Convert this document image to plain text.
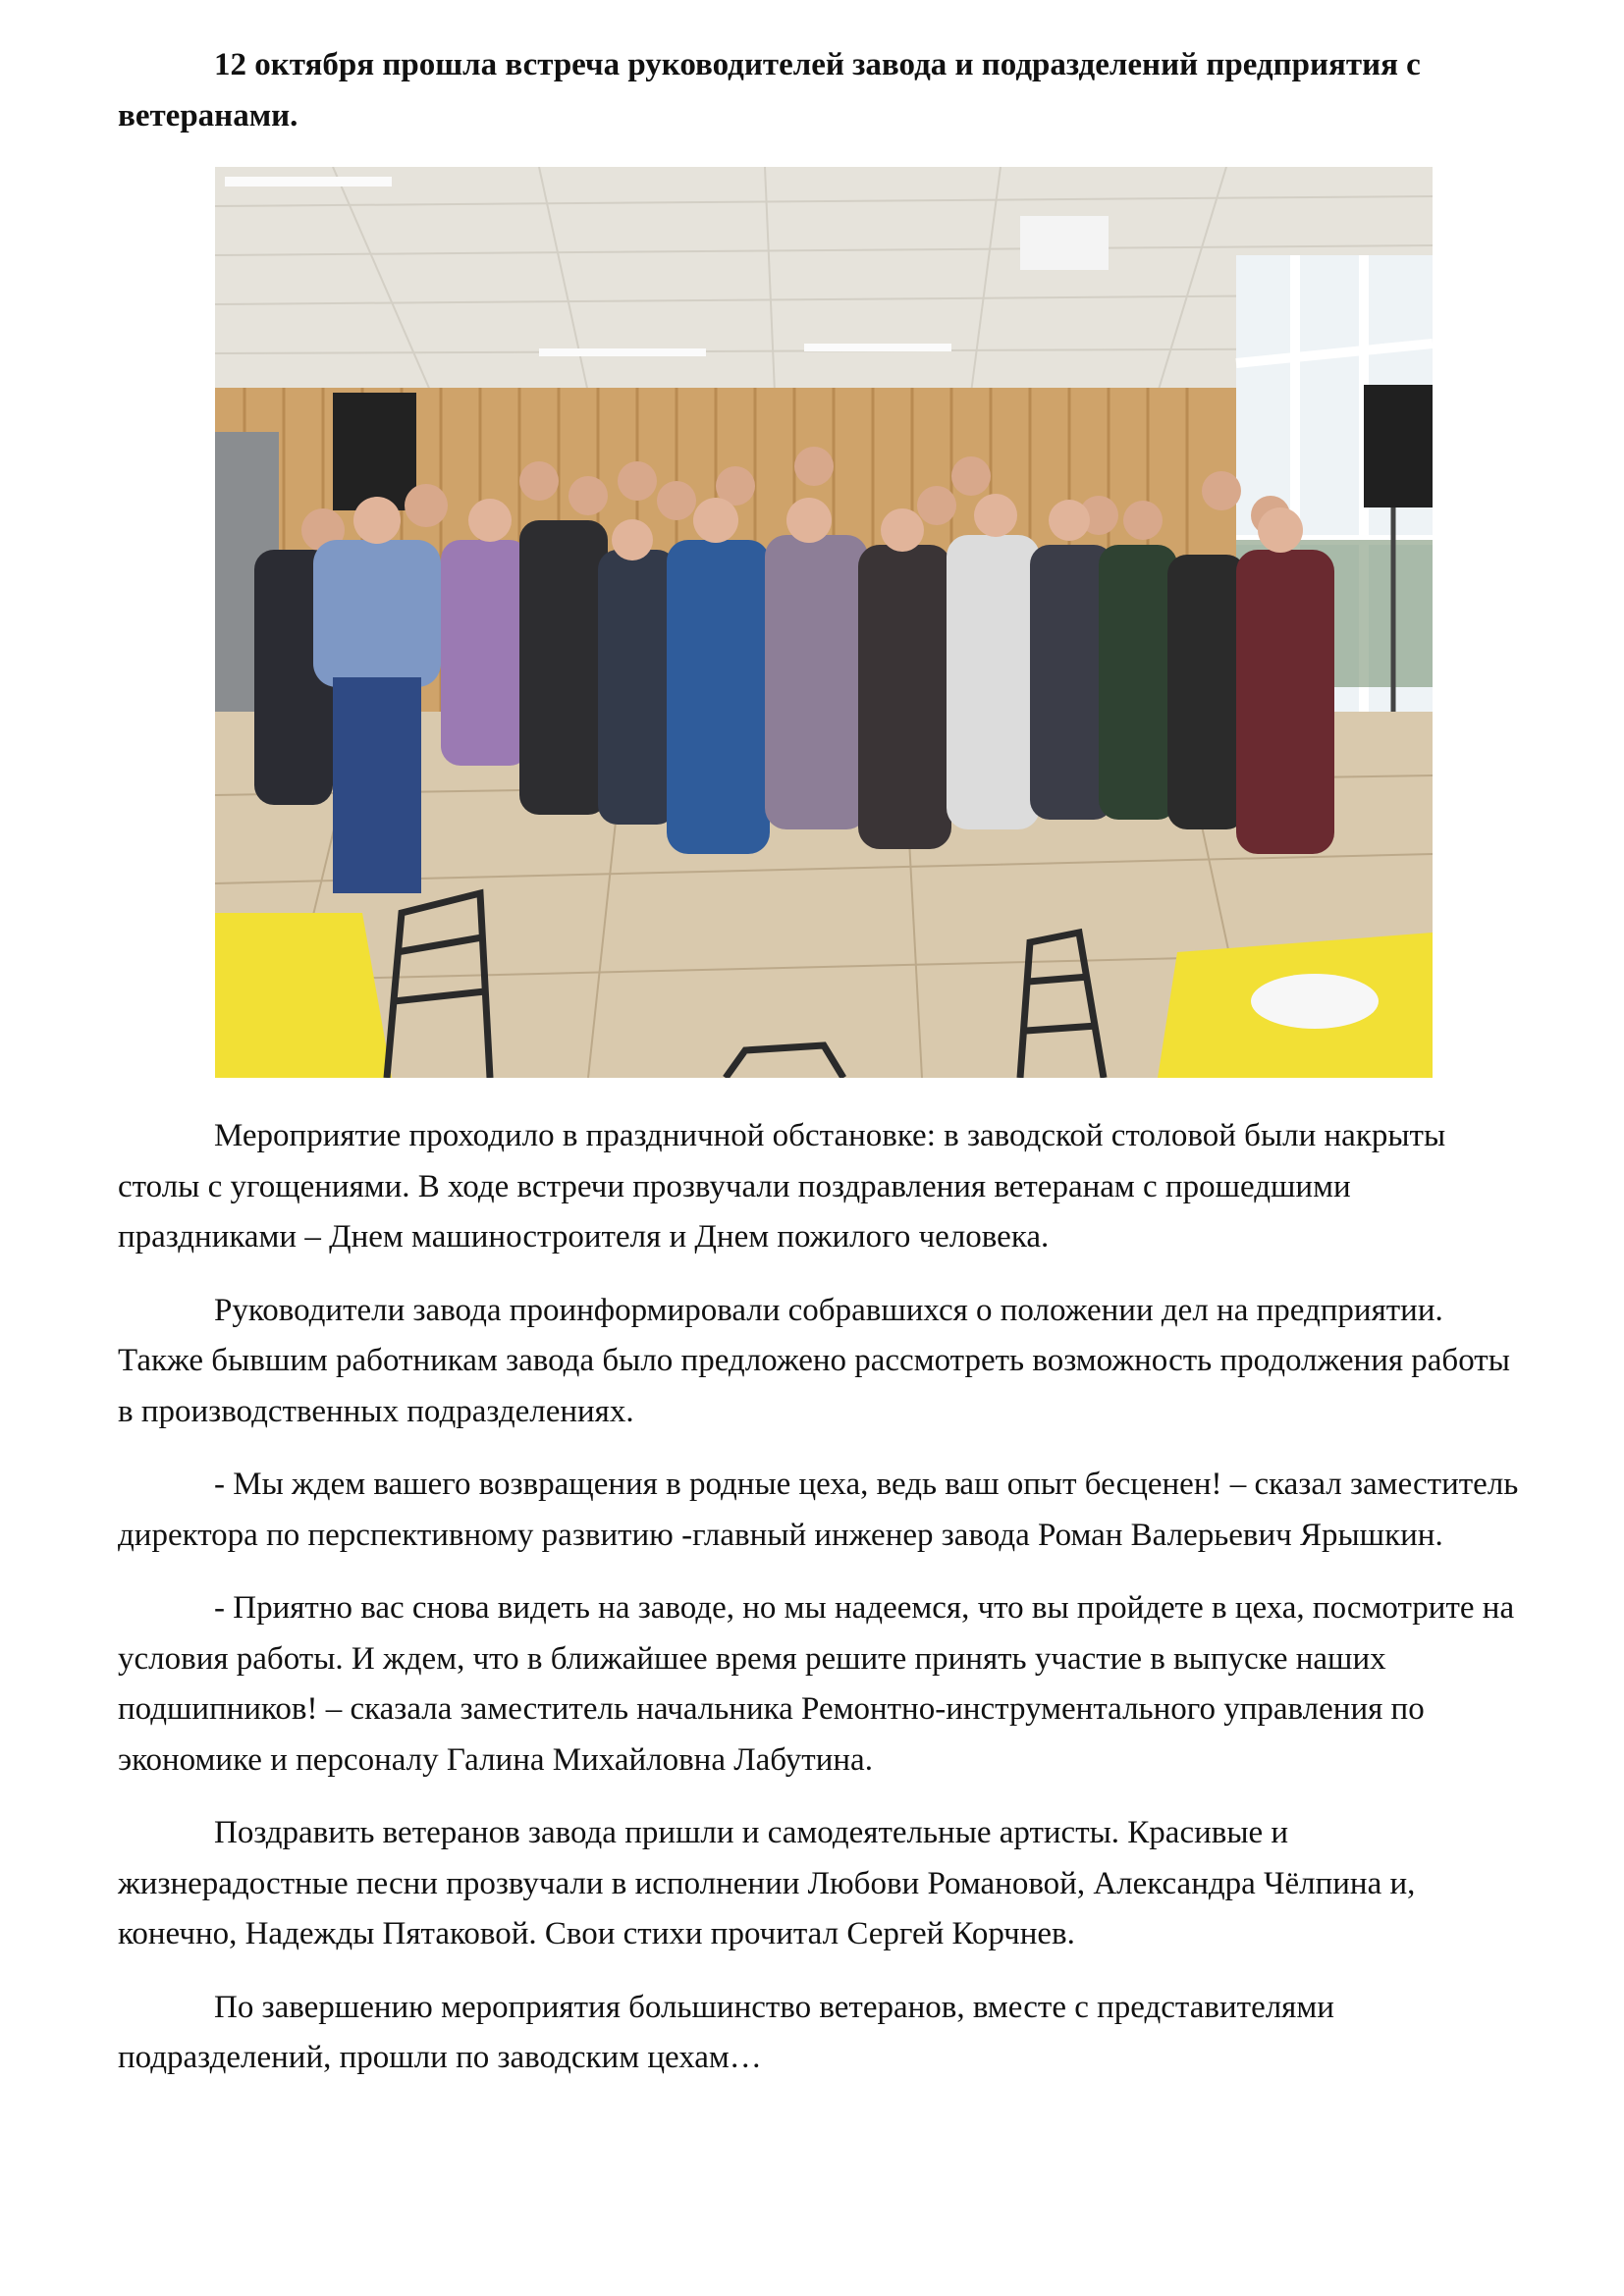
12 октября прошла встреча руководителей завода и подразделений предприятия с ветеранами.

Мероприятие проходило в праздничной обстановке: в заводской столовой были накрыты столы с угощениями. В ходе встречи прозвучали поздравления ветеранам с прошедшими праздниками – Днем машиностроителя и Днем пожилого человека.

Руководители завода проинформировали собравшихся о положении дел на предприятии. Также бывшим работникам завода было предложено рассмотреть возможность продолжения работы в производственных подразделениях.

- Мы ждем вашего возвращения в родные цеха, ведь ваш опыт бесценен! – сказал заместитель директора по перспективному развитию -главный инженер завода Роман Валерьевич Ярышкин.

- Приятно вас снова видеть на заводе, но мы надеемся, что вы пройдете в цеха, посмотрите на условия работы. И ждем, что в ближайшее время решите принять участие в выпуске наших подшипников! – сказала заместитель начальника Ремонтно-инструментального управления по экономике и персоналу Галина Михайловна Лабутина.

Поздравить ветеранов завода пришли и самодеятельные артисты. Красивые и жизнерадостные песни прозвучали в исполнении Любови Романовой, Александра Чёлпина и, конечно, Надежды Пятаковой. Свои стихи прочитал Сергей Корчнев.

По завершению мероприятия большинство ветеранов, вместе с представителями подразделений, прошли по заводским цехам…
